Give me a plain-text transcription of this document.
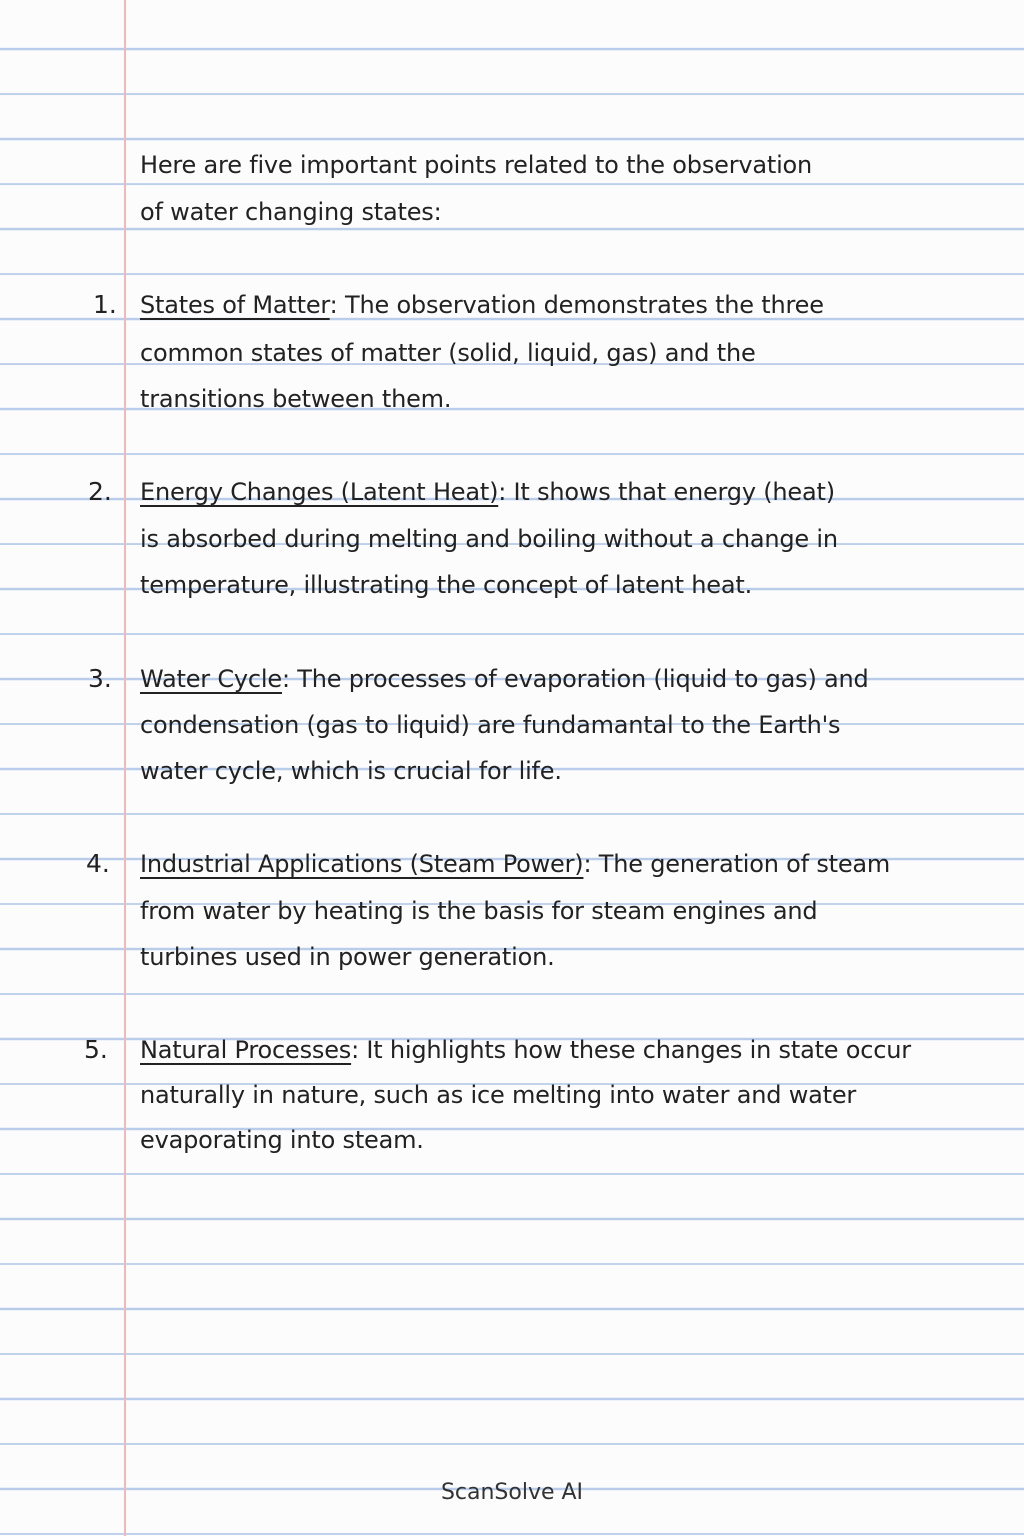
Here are five important points related to the observation
of water changing states:
1. States of Matter: The observation demonstrates the three
common states of matter (solid, liquid, gas) and the
transitions between them.
2. Energy Changes (Latent Heat): It shows that energy (heat)
is absorbed during melting and boiling without a change in
temperature, illustrating the concept of latent heat.
3. Water Cycle: The processes of evaporation (liquid to gas) and
condensation (gas to liquid) are fundamantal to the Earth's
water cycle, which is crucial for life.
4. Industrial Applications (Steam Power): The generation of steam
from water by heating is the basis for steam engines and
turbines used in power generation.
5. Natural Processes: It highlights how these changes in state occur
naturally in nature, such as ice melting into water and water
evaporating into steam.
ScanSolve AI
